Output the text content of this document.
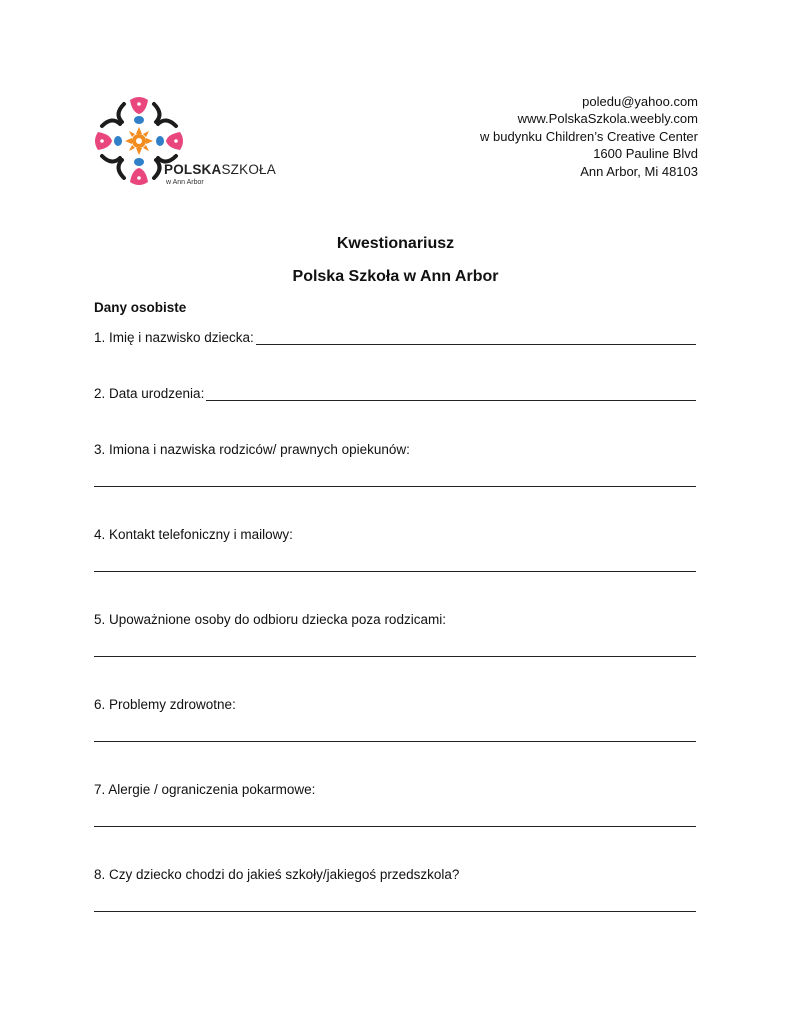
POLSKASZKOŁA
w Ann Arbor
poledu@yahoo.com
www.PolskaSzkola.weebly.com
w budynku Children’s Creative Center
1600 Pauline Blvd
Ann Arbor, Mi 48103
Kwestionariusz
Polska Szkoła w Ann Arbor
Dany osobiste
1. Imię i nazwisko dziecka:
2. Data urodzenia:
3. Imiona i nazwiska rodziców/ prawnych opiekunów:
4. Kontakt telefoniczny i mailowy:
5. Upoważnione osoby do odbioru dziecka poza rodzicami:
6. Problemy zdrowotne:
7. Alergie / ograniczenia pokarmowe:
8. Czy dziecko chodzi do jakieś szkoły/jakiegoś przedszkola?
